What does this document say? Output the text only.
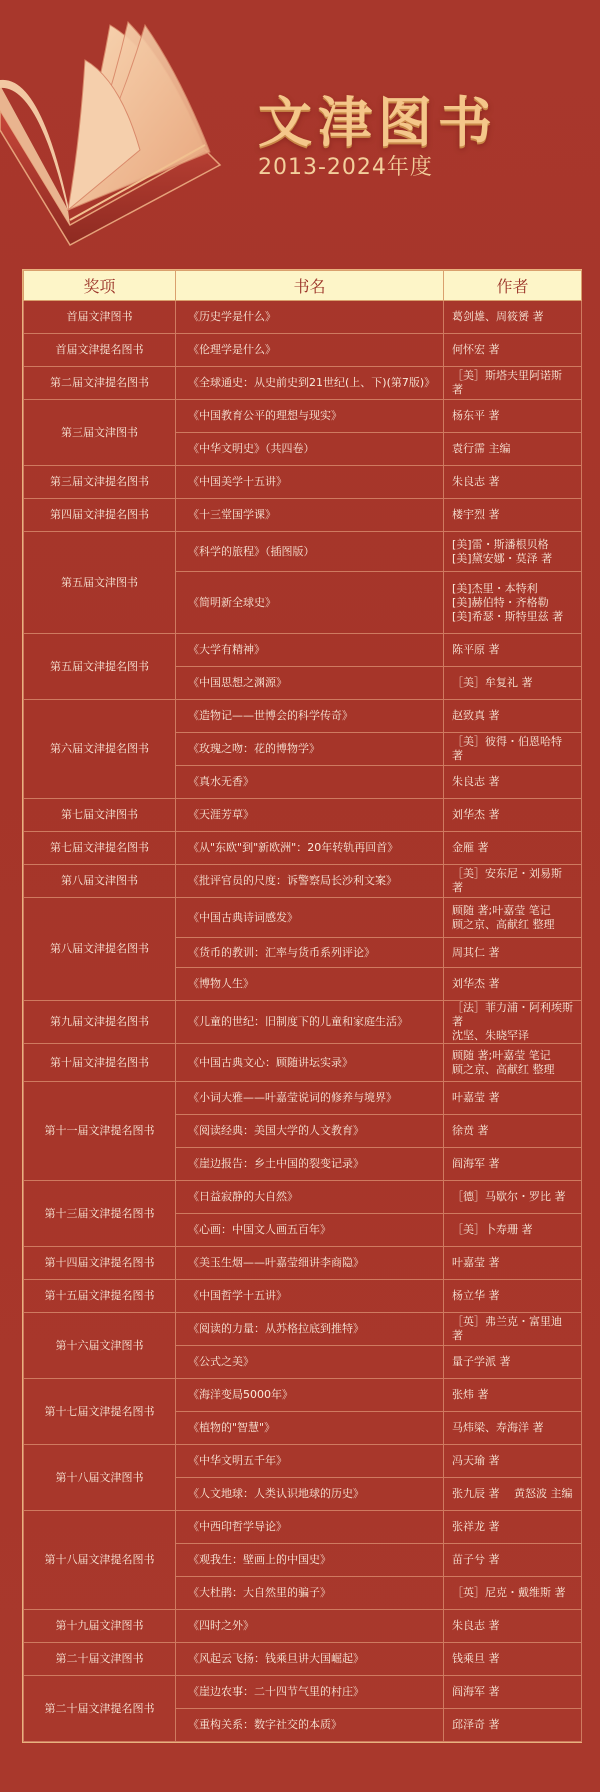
文津图书
2013-2024年度
奖项	书名	作者
首届文津图书	《历史学是什么》	葛剑雄、周筱赟 著
首届文津提名图书	《伦理学是什么》	何怀宏 著
第二届文津提名图书	《全球通史：从史前史到21世纪(上、下)(第7版)》	［美］斯塔夫里阿诺斯 著
第三届文津图书	《中国教育公平的理想与现实》	杨东平 著
	《中华文明史》（共四卷）	袁行霈 主编
第三届文津提名图书	《中国美学十五讲》	朱良志 著
第四届文津提名图书	《十三堂国学课》	楼宇烈 著
第五届文津图书	《科学的旅程》（插图版）	[美]雷・斯潘根贝格
[美]黛安娜・莫泽 著
	《简明新全球史》	[美]杰里・本特利
[美]赫伯特・齐格勒
[美]希瑟・斯特里兹 著
第五届文津提名图书	《大学有精神》	陈平原 著
	《中国思想之渊源》	［美］牟复礼 著
第六届文津提名图书	《造物记——世博会的科学传奇》	赵致真 著
	《玫瑰之吻：花的博物学》	［美］彼得・伯恩哈特 著
	《真水无香》	朱良志 著
第七届文津图书	《天涯芳草》	刘华杰 著
第七届文津提名图书	《从"东欧"到"新欧洲"：20年转轨再回首》	金雁 著
第八届文津图书	《批评官员的尺度：诉警察局长沙利文案》	［美］安东尼・刘易斯 著
第八届文津提名图书	《中国古典诗词感发》	顾随 著;叶嘉莹 笔记
顾之京、高献红 整理
	《货币的教训：汇率与货币系列评论》	周其仁 著
	《博物人生》	刘华杰 著
第九届文津提名图书	《儿童的世纪：旧制度下的儿童和家庭生活》	［法］菲力浦・阿利埃斯著
沈坚、朱晓罕译
第十届文津提名图书	《中国古典文心：顾随讲坛实录》	顾随 著;叶嘉莹 笔记
顾之京、高献红 整理
第十一届文津提名图书	《小词大雅——叶嘉莹说词的修养与境界》	叶嘉莹 著
	《阅读经典：美国大学的人文教育》	徐贲 著
	《崖边报告：乡土中国的裂变记录》	阎海军 著
第十三届文津提名图书	《日益寂静的大自然》	［德］马歇尔・罗比 著
	《心画：中国文人画五百年》	［美］卜寿珊 著
第十四届文津提名图书	《美玉生烟——叶嘉莹细讲李商隐》	叶嘉莹 著
第十五届文津提名图书	《中国哲学十五讲》	杨立华 著
第十六届文津图书	《阅读的力量：从苏格拉底到推特》	［英］弗兰克・富里迪 著
	《公式之美》	量子学派 著
第十七届文津提名图书	《海洋变局5000年》	张炜 著
	《植物的"智慧"》	马炜梁、寿海洋 著
第十八届文津图书	《中华文明五千年》	冯天瑜 著
	《人文地球：人类认识地球的历史》	张九辰 著　 黄怒波 主编
第十八届文津提名图书	《中西印哲学导论》	张祥龙 著
	《观我生：壁画上的中国史》	苗子兮 著
	《大杜鹃：大自然里的骗子》	［英］尼克・戴维斯 著
第十九届文津图书	《四时之外》	朱良志 著
第二十届文津图书	《风起云飞扬：钱乘旦讲大国崛起》	钱乘旦 著
第二十届文津提名图书	《崖边农事：二十四节气里的村庄》	阎海军 著
	《重构关系：数字社交的本质》	邱泽奇 著
